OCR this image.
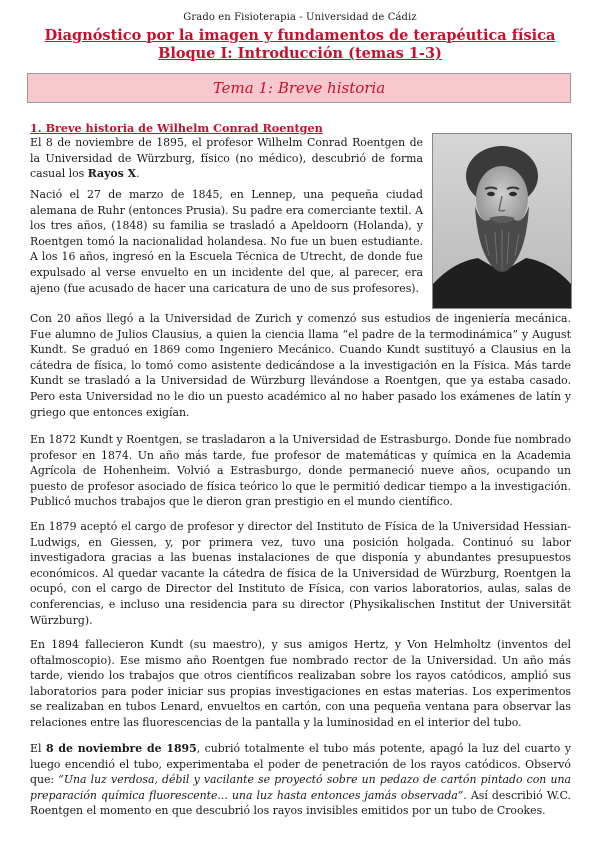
Grado en Fisioterapia - Universidad de Cádiz
Diagnóstico por la imagen y fundamentos de terapéutica física
Bloque I: Introducción (temas 1-3)
Tema 1: Breve historia
1. Breve historia de Wilhelm Conrad Roentgen

El 8 de noviembre de 1895, el profesor Wilhelm Conrad Roentgen de la Universidad de Würzburg, físico (no médico), descubrió de forma casual los Rayos X.

Nació el 27 de marzo de 1845, en Lennep, una pequeña ciudad alemana de Ruhr (entonces Prusia). Su padre era comerciante textil. A los tres años, (1848) su familia se trasladó a Apeldoorn (Holanda), y Roentgen tomó la nacionalidad holandesa. No fue un buen estudiante. A los 16 años, ingresó en la Escuela Técnica de Utrecht, de donde fue expulsado al verse envuelto en un incidente del que, al parecer, era ajeno (fue acusado de hacer una caricatura de uno de sus profesores).

Con 20 años llegó a la Universidad de Zurich y comenzó sus estudios de ingeniería mecánica. Fue alumno de Julios Clausius, a quien la ciencia llama “el padre de la termodinámica” y August Kundt. Se graduó en 1869 como Ingeniero Mecánico. Cuando Kundt sustituyó a Clausius en la cátedra de física, lo tomó como asistente dedicándose a la investigación en la Física. Más tarde Kundt se trasladó a la Universidad de Würzburg llevándose a Roentgen, que ya estaba casado. Pero esta Universidad no le dio un puesto académico al no haber pasado los exámenes de latín y griego que entonces exigían.

En 1872 Kundt y Roentgen, se trasladaron a la Universidad de Estrasburgo. Donde fue nombrado profesor en 1874. Un año más tarde, fue profesor de matemáticas y química en la Academia Agrícola de Hohenheim. Volvió a Estrasburgo, donde permaneció nueve años, ocupando un puesto de profesor asociado de física teórico lo que le permitió dedicar tiempo a la investigación. Publicó muchos trabajos que le dieron gran prestigio en el mundo científico.

En 1879 aceptó el cargo de profesor y director del Instituto de Física de la Universidad Hessian-Ludwigs, en Giessen, y, por primera vez, tuvo una posición holgada. Continuó su labor investigadora gracias a las buenas instalaciones de que disponía y abundantes presupuestos económicos. Al quedar vacante la cátedra de física de la Universidad de Würzburg, Roentgen la ocupó, con el cargo de Director del Instituto de Física, con varios laboratorios, aulas, salas de conferencias, e incluso una residencia para su director (Physikalischen Institut der Universität Würzburg).

En 1894 fallecieron Kundt (su maestro), y sus amigos Hertz, y Von Helmholtz (inventos del oftalmoscopio). Ese mismo año Roentgen fue nombrado rector de la Universidad. Un año más tarde, viendo los trabajos que otros científicos realizaban sobre los rayos catódicos, amplió sus laboratorios para poder iniciar sus propias investigaciones en estas materias. Los experimentos se realizaban en tubos Lenard, envueltos en cartón, con una pequeña ventana para observar las relaciones entre las fluorescencias de la pantalla y la luminosidad en el interior del tubo.

El 8 de noviembre de 1895, cubrió totalmente el tubo más potente, apagó la luz del cuarto y luego encendió el tubo, experimentaba el poder de penetración de los rayos catódicos. Observó que: “Una luz verdosa, débil y vacilante se proyectó sobre un pedazo de cartón pintado con una preparación química fluorescente... una luz hasta entonces jamás observada”. Así describió W.C. Roentgen el momento en que descubrió los rayos invisibles emitidos por un tubo de Crookes.
